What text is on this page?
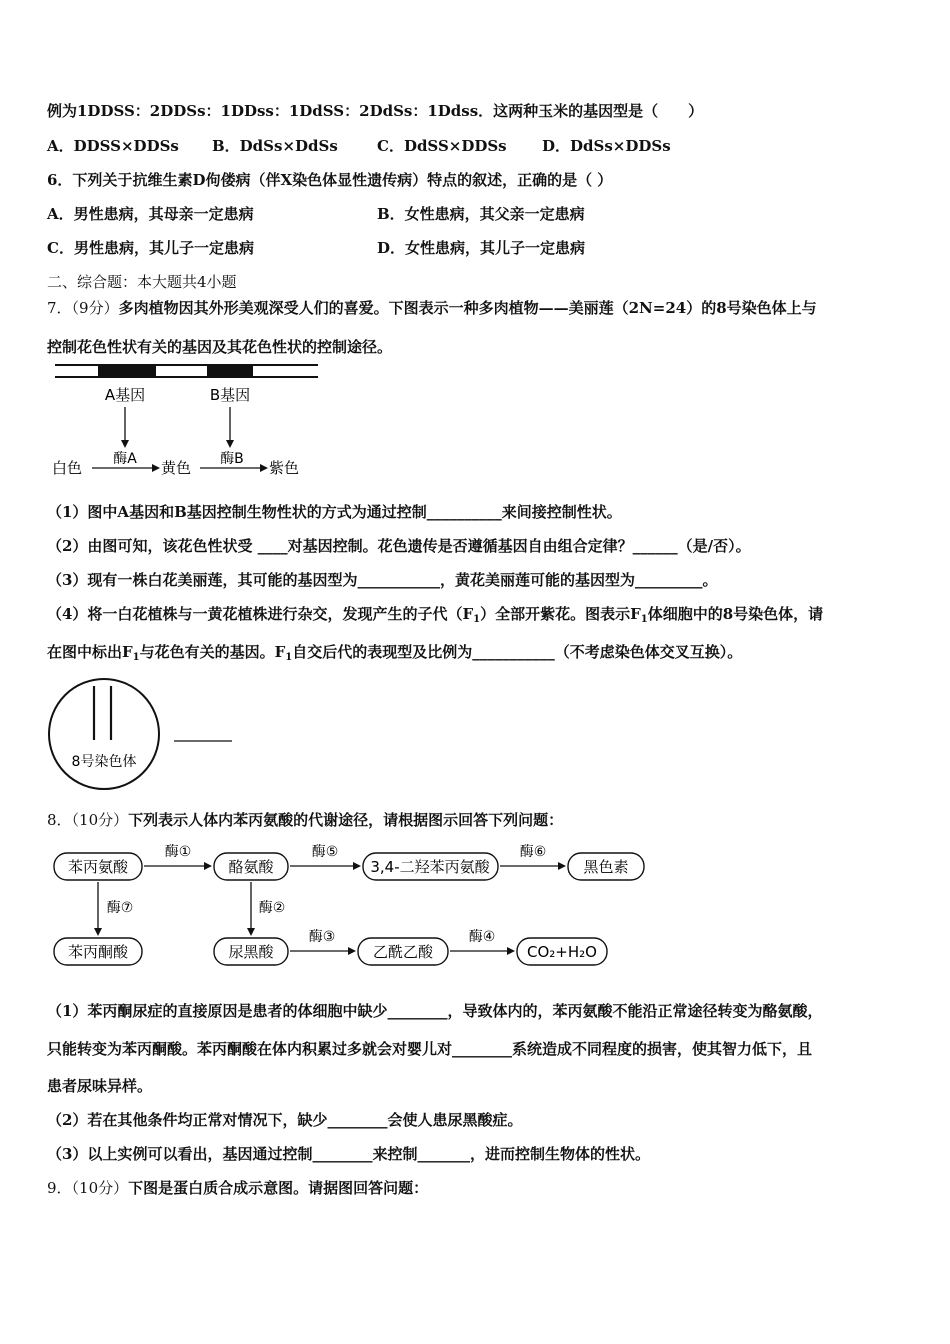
例为1DDSS：2DDSs：1DDss：1DdSS：2DdSs：1Ddss．这两种玉米的基因型是（　　）
A．DDSS×DDSs B．DdSs×DdSs	C．DdSS×DDSs D．DdSs×DDSs
6．下列关于抗维生素D佝偻病（伴X染色体显性遗传病）特点的叙述，正确的是（ ）
A．男性患病，其母亲一定患病	B．女性患病，其父亲一定患病
C．男性患病，其儿子一定患病	D．女性患病，其儿子一定患病
二、综合题：本大题共4小题
7．（9分）多肉植物因其外形美观深受人们的喜爱。下图表示一种多肉植物——美丽莲（2N=24）的8号染色体上与
控制花色性状有关的基因及其花色性状的控制途径。
A基因	B基因
白色 酶A 黄色 酶B 紫色
（1）图中A基因和B基因控制生物性状的方式为通过控制__________来间接控制性状。
（2）由图可知，该花色性状受 ____对基因控制。花色遗传是否遵循基因自由组合定律？______（是/否）。
（3）现有一株白花美丽莲，其可能的基因型为___________，黄花美丽莲可能的基因型为_________。
（4）将一白花植株与一黄花植株进行杂交，发现产生的子代$(F_1)$全部开紫花。图表示$F_1$体细胞中的8号染色体，请
在图中标出$F_1$与花色有关的基因。$F_1$自交后代的表现型及比例为___________（不考虑染色体交叉互换）。
8号染色体
8．（10分）下列表示人体内苯丙氨酸的代谢途径，请根据图示回答下列问题：
苯丙氨酸	酪氨酸	3,4-二羟苯丙氨酸	黑色素
苯丙酮酸	尿黑酸	乙酰乙酸	CO₂+H₂O
酶①	酶⑤	酶⑥
酶⑦	酶②
酶③	酶④
（1）苯丙酮尿症的直接原因是患者的体细胞中缺少________，导致体内的，苯丙氨酸不能沿正常途径转变为酪氨酸，
只能转变为苯丙酮酸。苯丙酮酸在体内积累过多就会对婴儿对________系统造成不同程度的损害，使其智力低下，且
患者尿味异样。
（2）若在其他条件均正常对情况下，缺少________会使人患尿黑酸症。
（3）以上实例可以看出，基因通过控制________来控制_______，进而控制生物体的性状。
9．（10分）下图是蛋白质合成示意图。请据图回答问题：
